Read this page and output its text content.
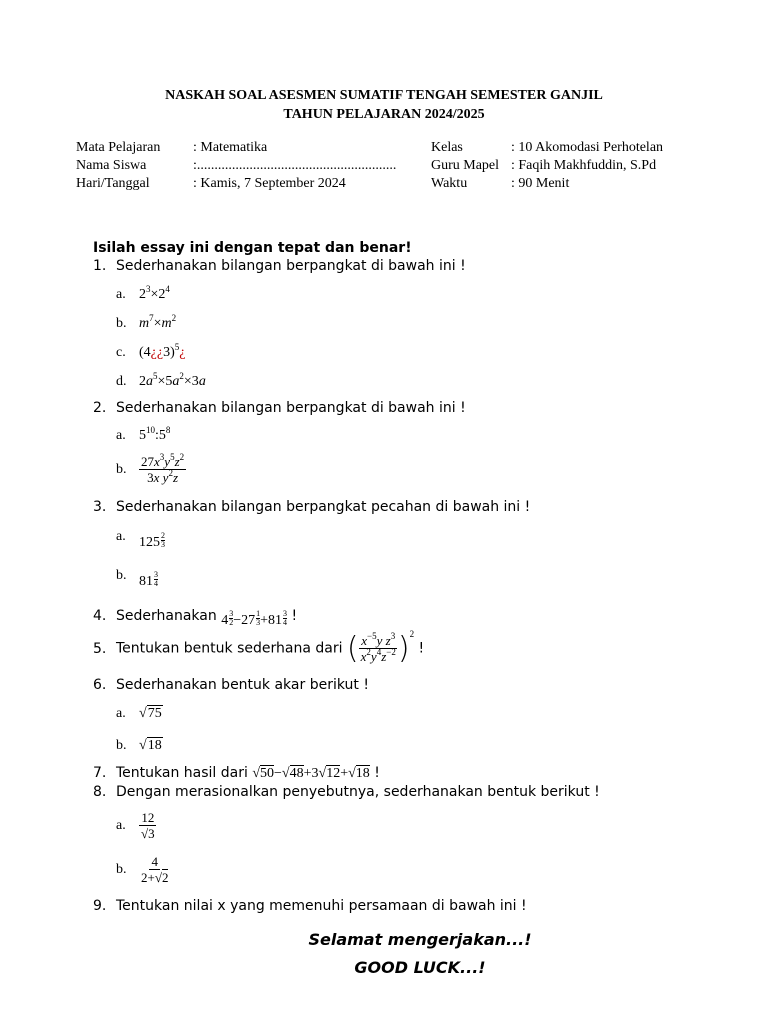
NASKAH SOAL ASESMEN SUMATIF TENGAH SEMESTER GANJIL
TAHUN PELAJARAN 2024/2025
Mata Pelajaran
Nama Siswa
Hari/Tanggal
: Matematika
:.........................................................
: Kamis, 7 September 2024
Kelas
Guru Mapel
Waktu
: 10 Akomodasi Perhotelan
: Faqih Makhfuddin, S.Pd
: 90 Menit
Isilah essay ini dengan tepat dan benar!
1. Sederhanakan bilangan berpangkat di bawah ini !
a. $2^3\times 2^4$
b. $m^7\times m^2$
c. (4¿¿3)$^5$¿
d. $2a^5\times 5a^2\times 3a$
2. Sederhanakan bilangan berpangkat di bawah ini !
a. $5^{10}:5^8$
b. $\frac{27x^3y^5z^2}{3x y^2z}$
3. Sederhanakan bilangan berpangkat pecahan di bawah ini !
a. $125 \frac{2}{3}$
b. $81 \frac{3}{4}$
4. Sederhanakan $4 \frac{3}{2} -27 \frac{1}{3} +81 \frac{3}{4}$ !
5. Tentukan bentuk sederhana dari ( $\frac{x^{-5}y z^3}{x^2y^4z^{-2}} )^2$ !
6. Sederhanakan bentuk akar berikut !
a. √75
b. √18
7. Tentukan hasil dari √50−√48+3√12+√18 !
8. Dengan merasionalkan penyebutnya, sederhanakan bentuk berikut !
a. $\frac{12}{√3}$
b. $\frac{4}{2+√2}$
9. Tentukan nilai x yang memenuhi persamaan di bawah ini !
Selamat mengerjakan...!
GOOD LUCK...!
